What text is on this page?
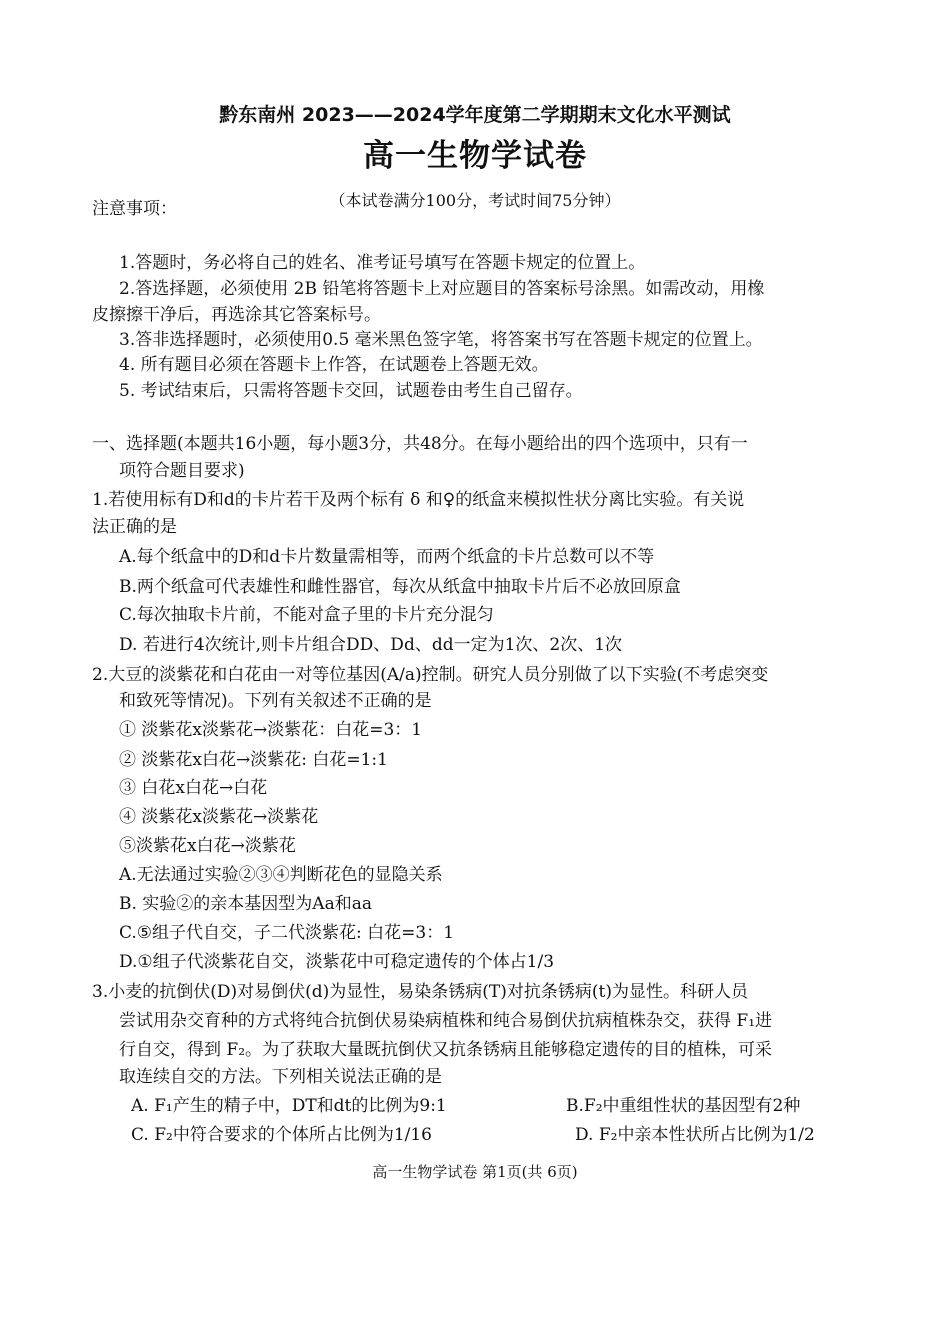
黔东南州 2023——2024学年度第二学期期末文化水平测试
高一生物学试卷
（本试卷满分100分，考试时间75分钟）
注意事项：
1.答题时，务必将自己的姓名、准考证号填写在答题卡规定的位置上。
2.答选择题，必须使用 2B 铅笔将答题卡上对应题目的答案标号涂黑。如需改动，用橡
皮擦擦干净后，再选涂其它答案标号。
3.答非选择题时，必须使用0.5 毫米黑色签字笔，将答案书写在答题卡规定的位置上。
4. 所有题目必须在答题卡上作答，在试题卷上答题无效。
5. 考试结束后，只需将答题卡交回，试题卷由考生自己留存。
一、选择题(本题共16小题，每小题3分，共48分。在每小题给出的四个选项中，只有一
项符合题目要求)
1.若使用标有D和d的卡片若干及两个标有 δ 和♀的纸盒来模拟性状分离比实验。有关说
法正确的是
A.每个纸盒中的D和d卡片数量需相等，而两个纸盒的卡片总数可以不等
B.两个纸盒可代表雄性和雌性器官，每次从纸盒中抽取卡片后不必放回原盒
C.每次抽取卡片前，不能对盒子里的卡片充分混匀
D. 若进行4次统计,则卡片组合DD、Dd、dd一定为1次、2次、1次
2.大豆的淡紫花和白花由一对等位基因(A/a)控制。研究人员分别做了以下实验(不考虑突变
和致死等情况)。下列有关叙述不正确的是
① 淡紫花x淡紫花→淡紫花：白花=3：1
② 淡紫花x白花→淡紫花: 白花=1:1
③ 白花x白花→白花
④ 淡紫花x淡紫花→淡紫花
⑤淡紫花x白花→淡紫花
A.无法通过实验②③④判断花色的显隐关系
B. 实验②的亲本基因型为Aa和aa
C.⑤组子代自交，子二代淡紫花: 白花=3：1
D.①组子代淡紫花自交，淡紫花中可稳定遗传的个体占1/3
3.小麦的抗倒伏(D)对易倒伏(d)为显性，易染条锈病(T)对抗条锈病(t)为显性。科研人员
尝试用杂交育种的方式将纯合抗倒伏易染病植株和纯合易倒伏抗病植株杂交，获得 F₁进
行自交，得到 F₂。为了获取大量既抗倒伏又抗条锈病且能够稳定遗传的目的植株，可采
取连续自交的方法。下列相关说法正确的是
A. F₁产生的精子中，DT和dt的比例为9:1	B.F₂中重组性状的基因型有2种
C. F₂中符合要求的个体所占比例为1/16	D. F₂中亲本性状所占比例为1/2
高一生物学试卷 第1页(共 6页)
